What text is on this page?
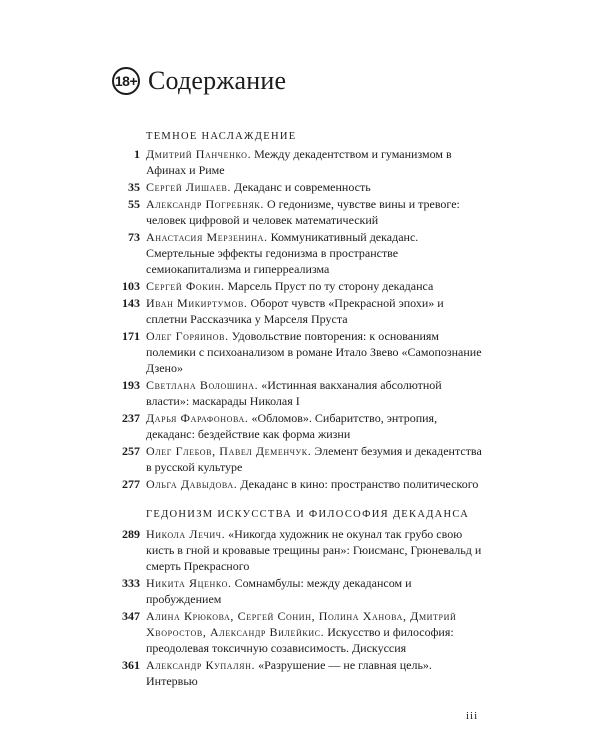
18+ Содержание
ТЕМНОЕ НАСЛАЖДЕНИЕ
1 Дмитрий Панченко. Между декадентством и гуманизмом в Афинах и Риме
35 Сергей Лишаев. Декаданс и современность
55 Александр Погребняк. О гедонизме, чувстве вины и тревоге: человек цифровой и человек математический
73 Анастасия Мерзенина. Коммуникативный декаданс. Смертельные эффекты гедонизма в пространстве семиокапитализма и гиперреализма
103 Сергей Фокин. Марсель Пруст по ту сторону декаданса
143 Иван Микиртумов. Оборот чувств «Прекрасной эпохи» и сплетни Рассказчика у Марселя Пруста
171 Олег Горяинов. Удовольствие повторения: к основаниям полемики с психоанализом в романе Итало Звево «Самопознание Дзено»
193 Светлана Волошина. «Истинная вакханалия абсолютной власти»: маскарады Николая I
237 Дарья Фарафонова. «Обломов». Сибаритство, энтропия, декаданс: бездействие как форма жизни
257 Олег Глебов, Павел Деменчук. Элемент безумия и декадентства в русской культуре
277 Ольга Давыдова. Декаданс в кино: пространство политического
ГЕДОНИЗМ ИСКУССТВА И ФИЛОСОФИЯ ДЕКАДАНСА
289 Никола Лечич. «Никогда художник не окунал так грубо свою кисть в гной и кровавые трещины ран»: Гюисманс, Грюневальд и смерть Прекрасного
333 Никита Яценко. Сомнамбулы: между декадансом и пробуждением
347 Алина Крюкова, Сергей Сонин, Полина Ханова, Дмитрий Хворостов, Александр Вилейкис. Искусство и философия: преодолевая токсичную созависимость. Дискуссия
361 Александр Купалян. «Разрушение — не главная цель». Интервью
iii
